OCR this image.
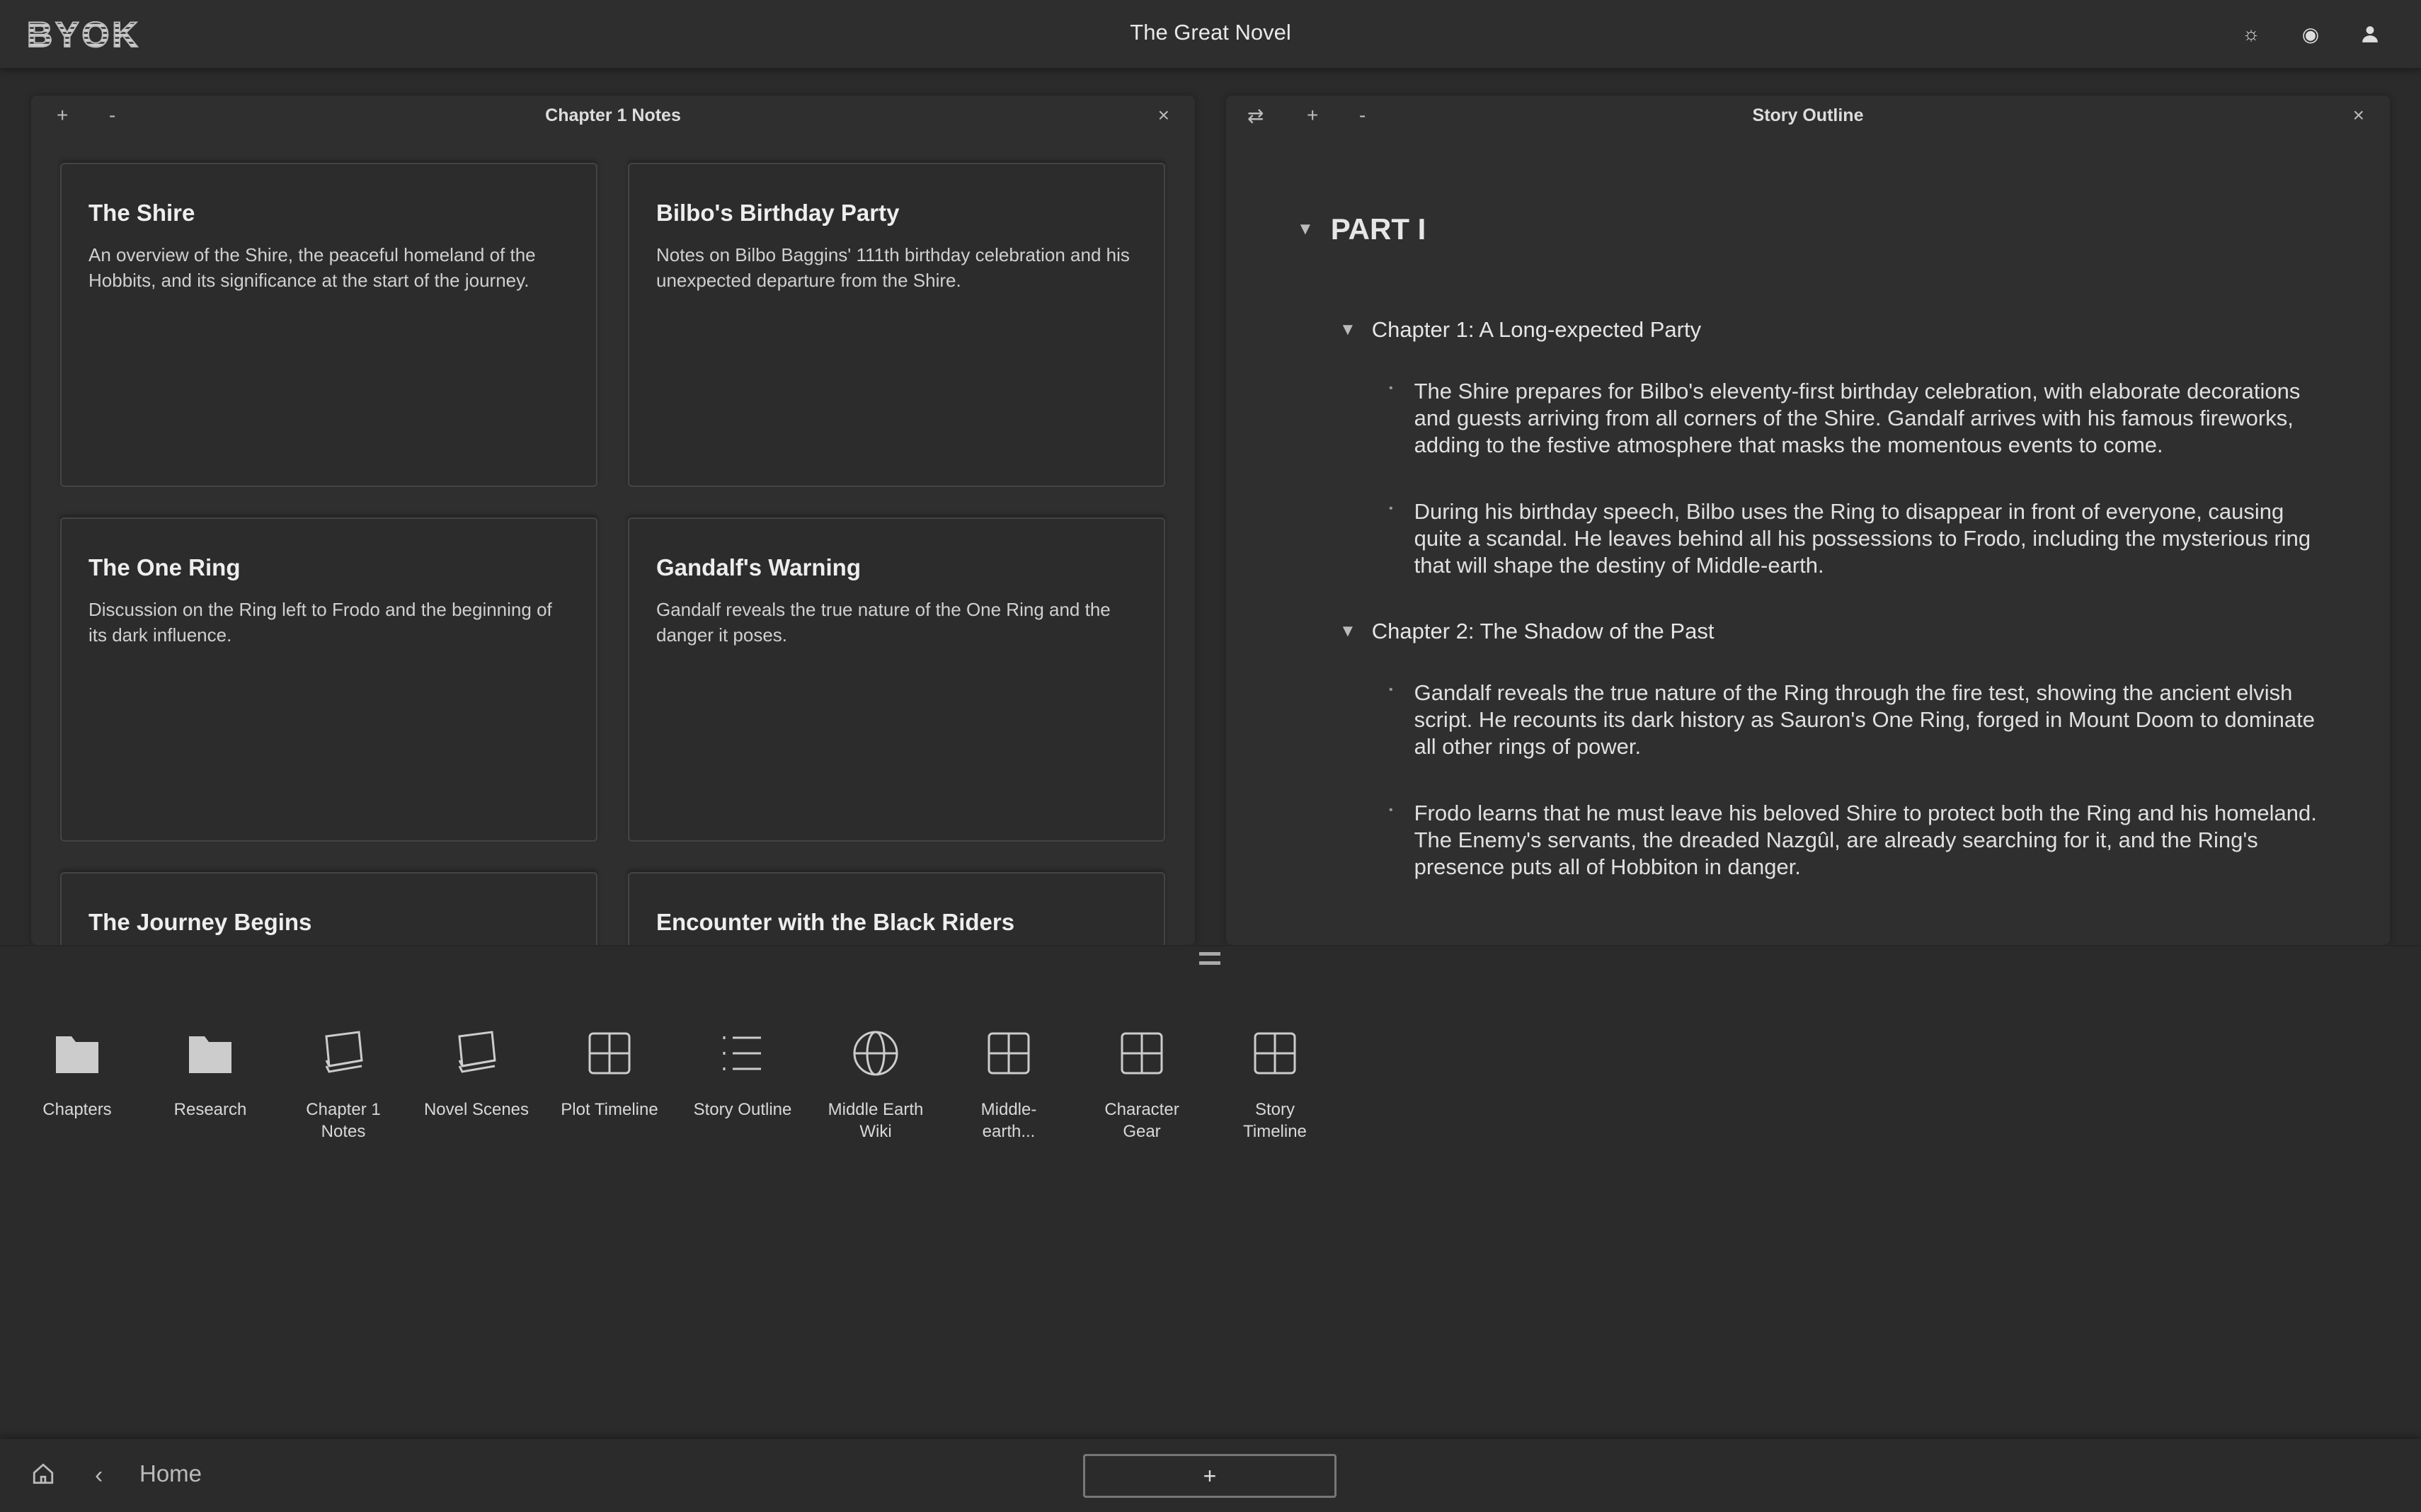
BYOK	The Great Novel	☼ ◉
+ -	Chapter 1 Notes	×
The Shire

An overview of the Shire, the peaceful homeland of the Hobbits, and its significance at the start of the journey.

Bilbo's Birthday Party

Notes on Bilbo Baggins' 111th birthday celebration and his unexpected departure from the Shire.

The One Ring

Discussion on the Ring left to Frodo and the beginning of its dark influence.

Gandalf's Warning

Gandalf reveals the true nature of the One Ring and the danger it poses.

The Journey Begins	Encounter with the Black Riders
⇄ + -	Story Outline	×
▼ PART I
▼ Chapter 1: A Long-expected Party
• The Shire prepares for Bilbo's eleventy-first birthday celebration, with elaborate decorations and guests arriving from all corners of the Shire. Gandalf arrives with his famous fireworks, adding to the festive atmosphere that masks the momentous events to come.
• During his birthday speech, Bilbo uses the Ring to disappear in front of everyone, causing quite a scandal. He leaves behind all his possessions to Frodo, including the mysterious ring that will shape the destiny of Middle-earth.
▼ Chapter 2: The Shadow of the Past
• Gandalf reveals the true nature of the Ring through the fire test, showing the ancient elvish script. He recounts its dark history as Sauron's One Ring, forged in Mount Doom to dominate all other rings of power.
• Frodo learns that he must leave his beloved Shire to protect both the Ring and his homeland. The Enemy's servants, the dreaded Nazgûl, are already searching for it, and the Ring's presence puts all of Hobbiton in danger.
Chapters	Research	Chapter 1 Notes
Novel Scenes Plot Timeline Story Outline	Middle Earth Wiki
Middle-earth...
Character Gear
Story Timeline
‹ Home	+
